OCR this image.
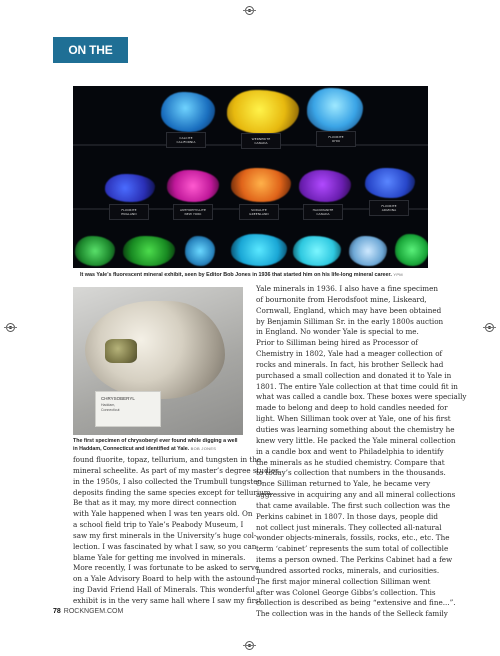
ON THE ROCKS
CALCITE
CALIFORNIA
WERNERITE
CANADA
FLUORITE
OHIO
FLUORITE
ENGLAND
ANTHOPHYLLITE
NEW YORK
SODALITE
GREENLAND
HACKMANITE
CANADA
FLUORITE
ARIZONA
It was Yale’s fluorescent mineral exhibit, seen by Editor Bob Jones in 1936 that started him on his life-long mineral career. YPM
CHRYSOBERYL
Haddam,
Connecticut
The first specimen of chrysoberyl ever found while digging a well
in Haddam, Connecticut and identified at Yale. BOB JONES

found fluorite, topaz, tellurium, and tungsten in the

mineral scheelite. As part of my master’s degree studies

in the 1950s, I also collected the Trumbull tungsten

deposits finding the same species except for tellurium.

Be that as it may, my more direct connection

with Yale happened when I was ten years old. On

a school field trip to Yale’s Peabody Museum, I

saw my first minerals in the University’s huge col-

lection. I was fascinated by what I saw, so you can

blame Yale for getting me involved in minerals.

More recently, I was fortunate to be asked to serve

on a Yale Advisory Board to help with the astound-

ing David Friend Hall of Minerals. This wonderful

exhibit is in the very same hall where I saw my first

Yale minerals in 1936. I also have a fine specimen

of bournonite from Herodsfoot mine, Liskeard,

Cornwall, England, which may have been obtained

by Benjamin Silliman Sr. in the early 1800s auction

in England. No wonder Yale is special to me.

Prior to Silliman being hired as Processor of

Chemistry in 1802, Yale had a meager collection of

rocks and minerals. In fact, his brother Selleck had

purchased a small collection and donated it to Yale in

1801. The entire Yale collection at that time could fit in

what was called a candle box. These boxes were specially

made to belong and deep to hold candles needed for

light. When Silliman took over at Yale, one of his first

duties was learning something about the chemistry he

knew very little. He packed the Yale mineral collection

in a candle box and went to Philadelphia to identify

the minerals as he studied chemistry. Compare that

to today’s collection that numbers in the thousands.

Once Silliman returned to Yale, he became very

aggressive in acquiring any and all mineral collections

that came available. The first such collection was the

Perkins cabinet in 1807. In those days, people did

not collect just minerals. They collected all-natural

wonder objects-minerals, fossils, rocks, etc., etc. The

term ‘cabinet’ represents the sum total of collectible

items a person owned. The Perkins Cabinet had a few

hundred assorted rocks, minerals, and curiosities.

The first major mineral collection Silliman went

after was Colonel George Gibbs’s collection. This

collection is described as being “extensive and fine...”.

The collection was in the hands of the Selleck family

78 ROCKNGEM.COM
